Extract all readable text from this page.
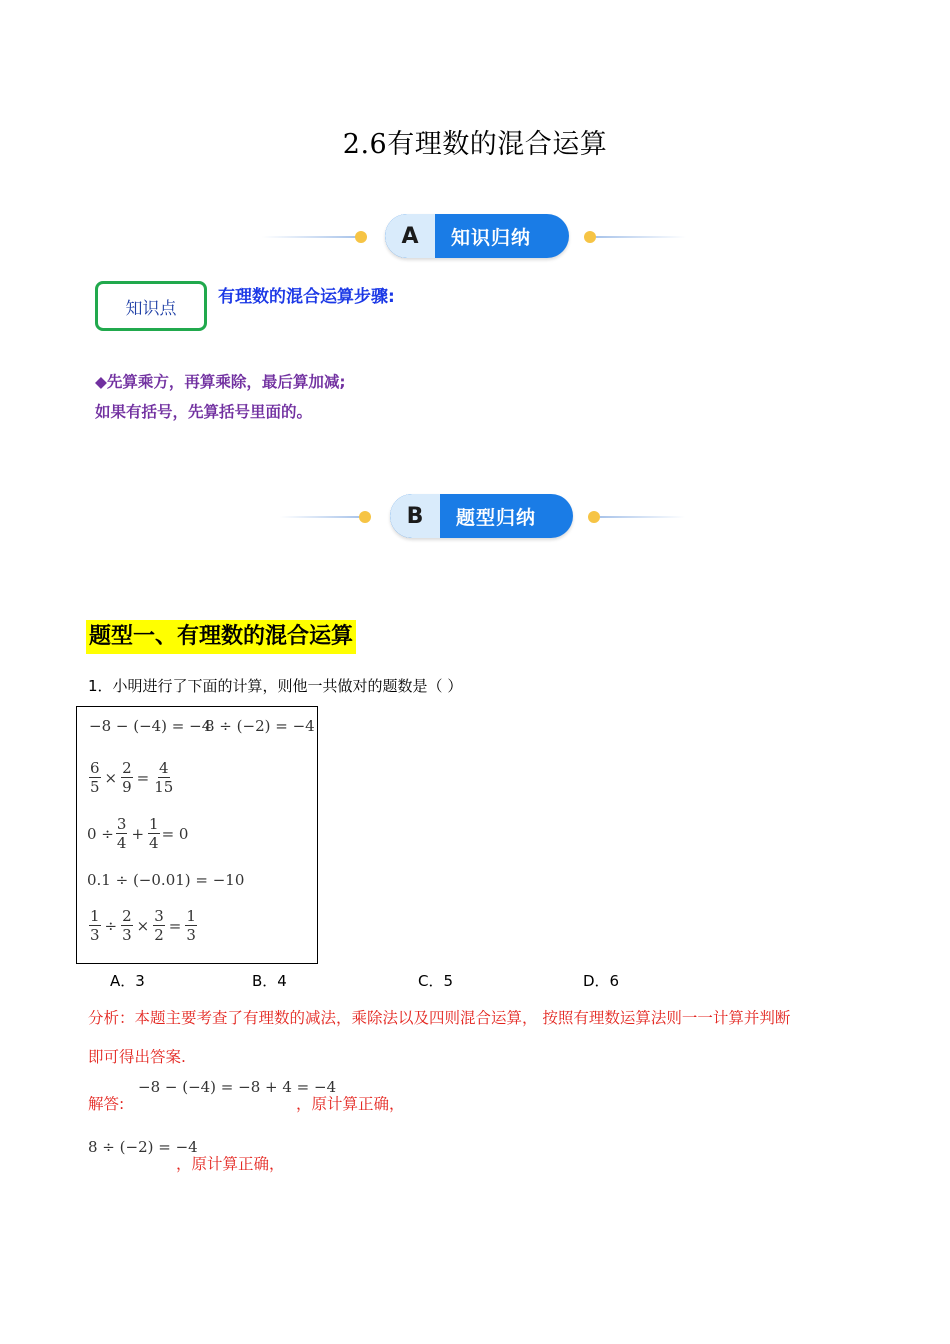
2.6有理数的混合运算
A	知识归纳
知识点
有理数的混合运算步骤:
◆先算乘方，再算乘除，最后算加减;
如果有括号，先算括号里面的。
B	题型归纳
题型一、有理数的混合运算
1．小明进行了下面的计算，则他一共做对的题数是（ ）
−8 − (−4) = −4
8 ÷ (−2) = −4
$\frac{6}{5} \times \frac{2}{9} = \frac{4}{15}$
$0 \div \frac{3}{4} + \frac{1}{4} = 0$
0.1 ÷ (−0.01) = −10
$\frac{1}{3} \div \frac{2}{3} \times \frac{3}{2} = \frac{1}{3}$
A．3	B．4	C．5	D．6
分析：本题主要考查了有理数的减法，乘除法以及四则混合运算， 按照有理数运算法则一一计算并判断
即可得出答案.
解答:
−8 − (−4) = −8 + 4 = −4
，原计算正确，
8 ÷ (−2) = −4
，原计算正确，
